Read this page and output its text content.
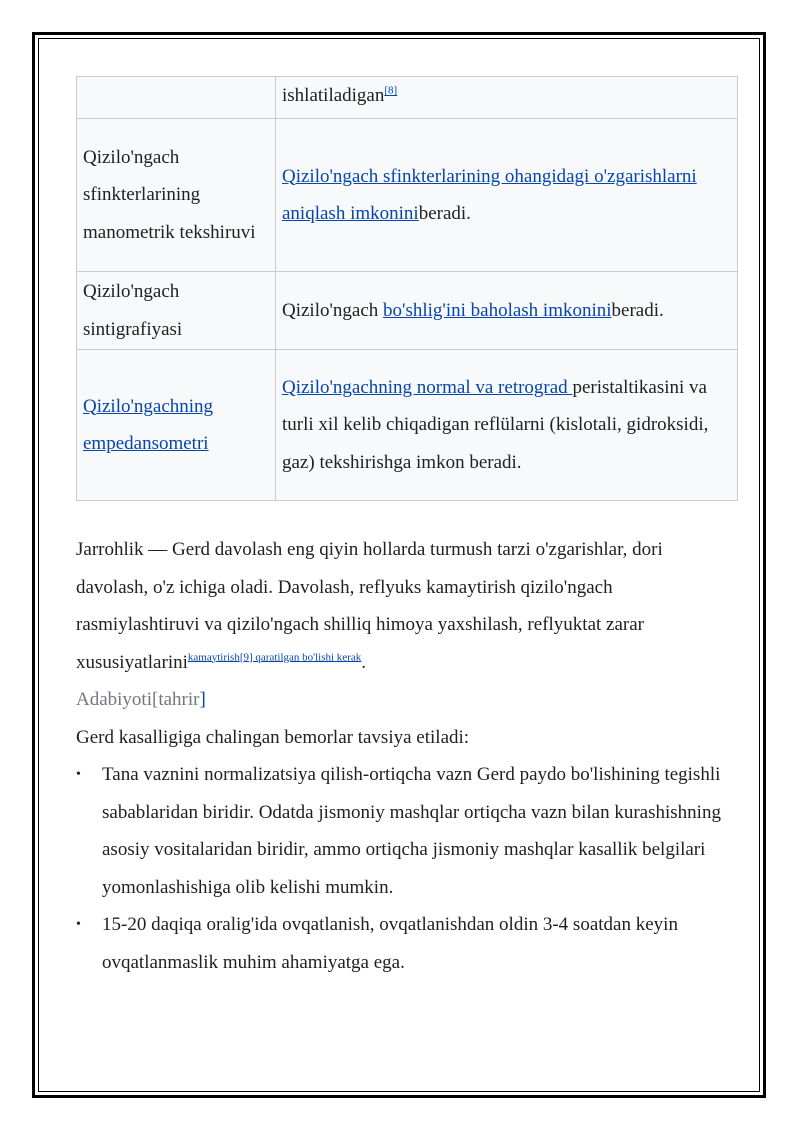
	ishlatiladigan[8]
Qizilo'ngach sfinkterlarining manometrik tekshiruvi	Qizilo'ngach sfinkterlarining ohangidagi o'zgarishlarni aniqlash imkoniniberadi.
Qizilo'ngach sintigrafiyasi	Qizilo'ngach bo'shlig'ini baholash imkoniniberadi.
Qizilo'ngachning empedansometri	Qizilo'ngachning normal va retrograd peristaltikasini va turli xil kelib chiqadigan reflülarni (kislotali, gidroksidi, gaz) tekshirishga imkon beradi.

Jarrohlik — Gerd davolash eng qiyin hollarda turmush tarzi o'zgarishlar, dori davolash, o'z ichiga oladi. Davolash, reflyuks kamaytirish qizilo'ngach rasmiylashtiruvi va qizilo'ngach shilliq himoya yaxshilash, reflyuktat zarar xususiyatlarini$^{kamaytirish[9] qaratilgan bo'lishi kerak}$.

Adabiyoti[tahrir]

Gerd kasalligiga chalingan bemorlar tavsiya etiladi:

• Tana vaznini normalizatsiya qilish-ortiqcha vazn Gerd paydo bo'lishining tegishli sabablaridan biridir. Odatda jismoniy mashqlar ortiqcha vazn bilan kurashishning asosiy vositalaridan biridir, ammo ortiqcha jismoniy mashqlar kasallik belgilari yomonlashishiga olib kelishi mumkin.
• 15-20 daqiqa oralig'ida ovqatlanish, ovqatlanishdan oldin 3-4 soatdan keyin ovqatlanmaslik muhim ahamiyatga ega.
